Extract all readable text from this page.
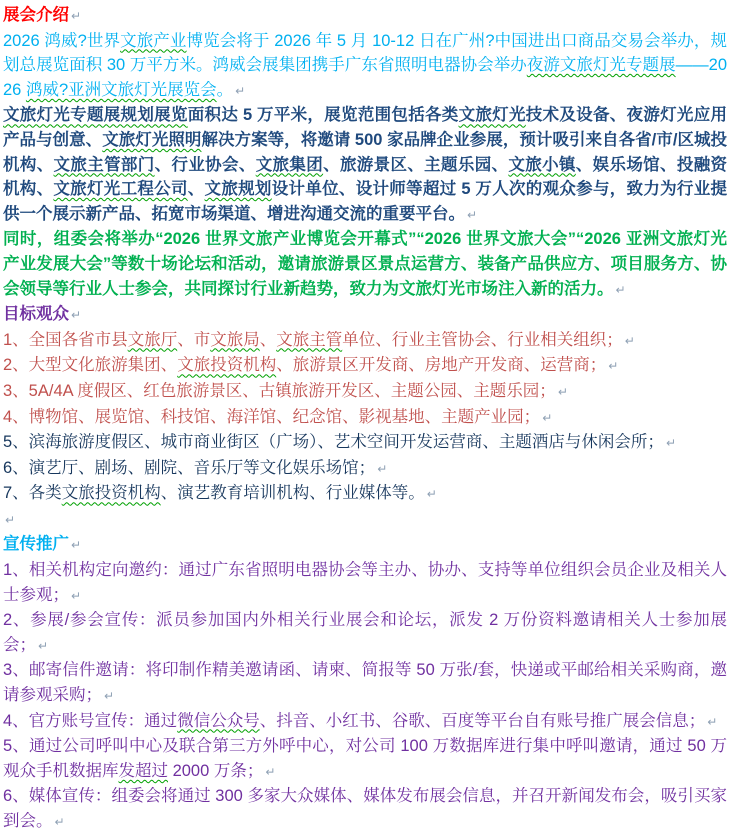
展会介绍 ↵

2026 鸿威?世界文旅产业博览会将于 2026 年 5 月 10-12 日在广州?中国进出口商品交易会举办，规划总展览面积 30 万平方米。鸿威会展集团携手广东省照明电器协会举办夜游文旅灯光专题展——2026 鸿威?亚洲文旅灯光展览会。 ↵

文旅灯光专题展规划展览面积达 5 万平米，展览范围包括各类文旅灯光技术及设备、夜游灯光应用产品与创意、文旅灯光照明解决方案等，将邀请 500 家品牌企业参展，预计吸引来自各省/市/区城投机构、文旅主管部门、行业协会、文旅集团、旅游景区、主题乐园、文旅小镇、娱乐场馆、投融资机构、文旅灯光工程公司、文旅规划设计单位、设计师等超过 5 万人次的观众参与，致力为行业提供一个展示新产品、拓宽市场渠道、增进沟通交流的重要平台。 ↵

同时，组委会将举办“2026 世界文旅产业博览会开幕式”“2026 世界文旅大会”“2026 亚洲文旅灯光产业发展大会”等数十场论坛和活动，邀请旅游景区景点运营方、装备产品供应方、项目服务方、协会领导等行业人士参会，共同探讨行业新趋势，致力为文旅灯光市场注入新的活力。 ↵

目标观众 ↵

1、全国各省市县文旅厅、市文旅局、文旅主管单位、行业主管协会、行业相关组织； ↵

2、大型文化旅游集团、文旅投资机构、旅游景区开发商、房地产开发商、运营商； ↵

3、5A/4A 度假区、红色旅游景区、古镇旅游开发区、主题公园、主题乐园； ↵

4、博物馆、展览馆、科技馆、海洋馆、纪念馆、影视基地、主题产业园； ↵

5、滨海旅游度假区、城市商业街区（广场）、艺术空间开发运营商、主题酒店与休闲会所； ↵

6、演艺厅、剧场、剧院、音乐厅等文化娱乐场馆； ↵

7、各类文旅投资机构、演艺教育培训机构、行业媒体等。 ↵

↵

宣传推广 ↵

1、相关机构定向邀约：通过广东省照明电器协会等主办、协办、支持等单位组织会员企业及相关人士参观； ↵

2、参展/参会宣传：派员参加国内外相关行业展会和论坛，派发 2 万份资料邀请相关人士参加展会； ↵

3、邮寄信件邀请：将印制作精美邀请函、请柬、简报等 50 万张/套，快递或平邮给相关采购商，邀请参观采购； ↵

4、官方账号宣传：通过微信公众号、抖音、小红书、谷歌、百度等平台自有账号推广展会信息； ↵

5、通过公司呼叫中心及联合第三方外呼中心，对公司 100 万数据库进行集中呼叫邀请，通过 50 万观众手机数据库发超过 2000 万条； ↵

6、媒体宣传：组委会将通过 300 多家大众媒体、媒体发布展会信息，并召开新闻发布会，吸引买家到会。 ↵
